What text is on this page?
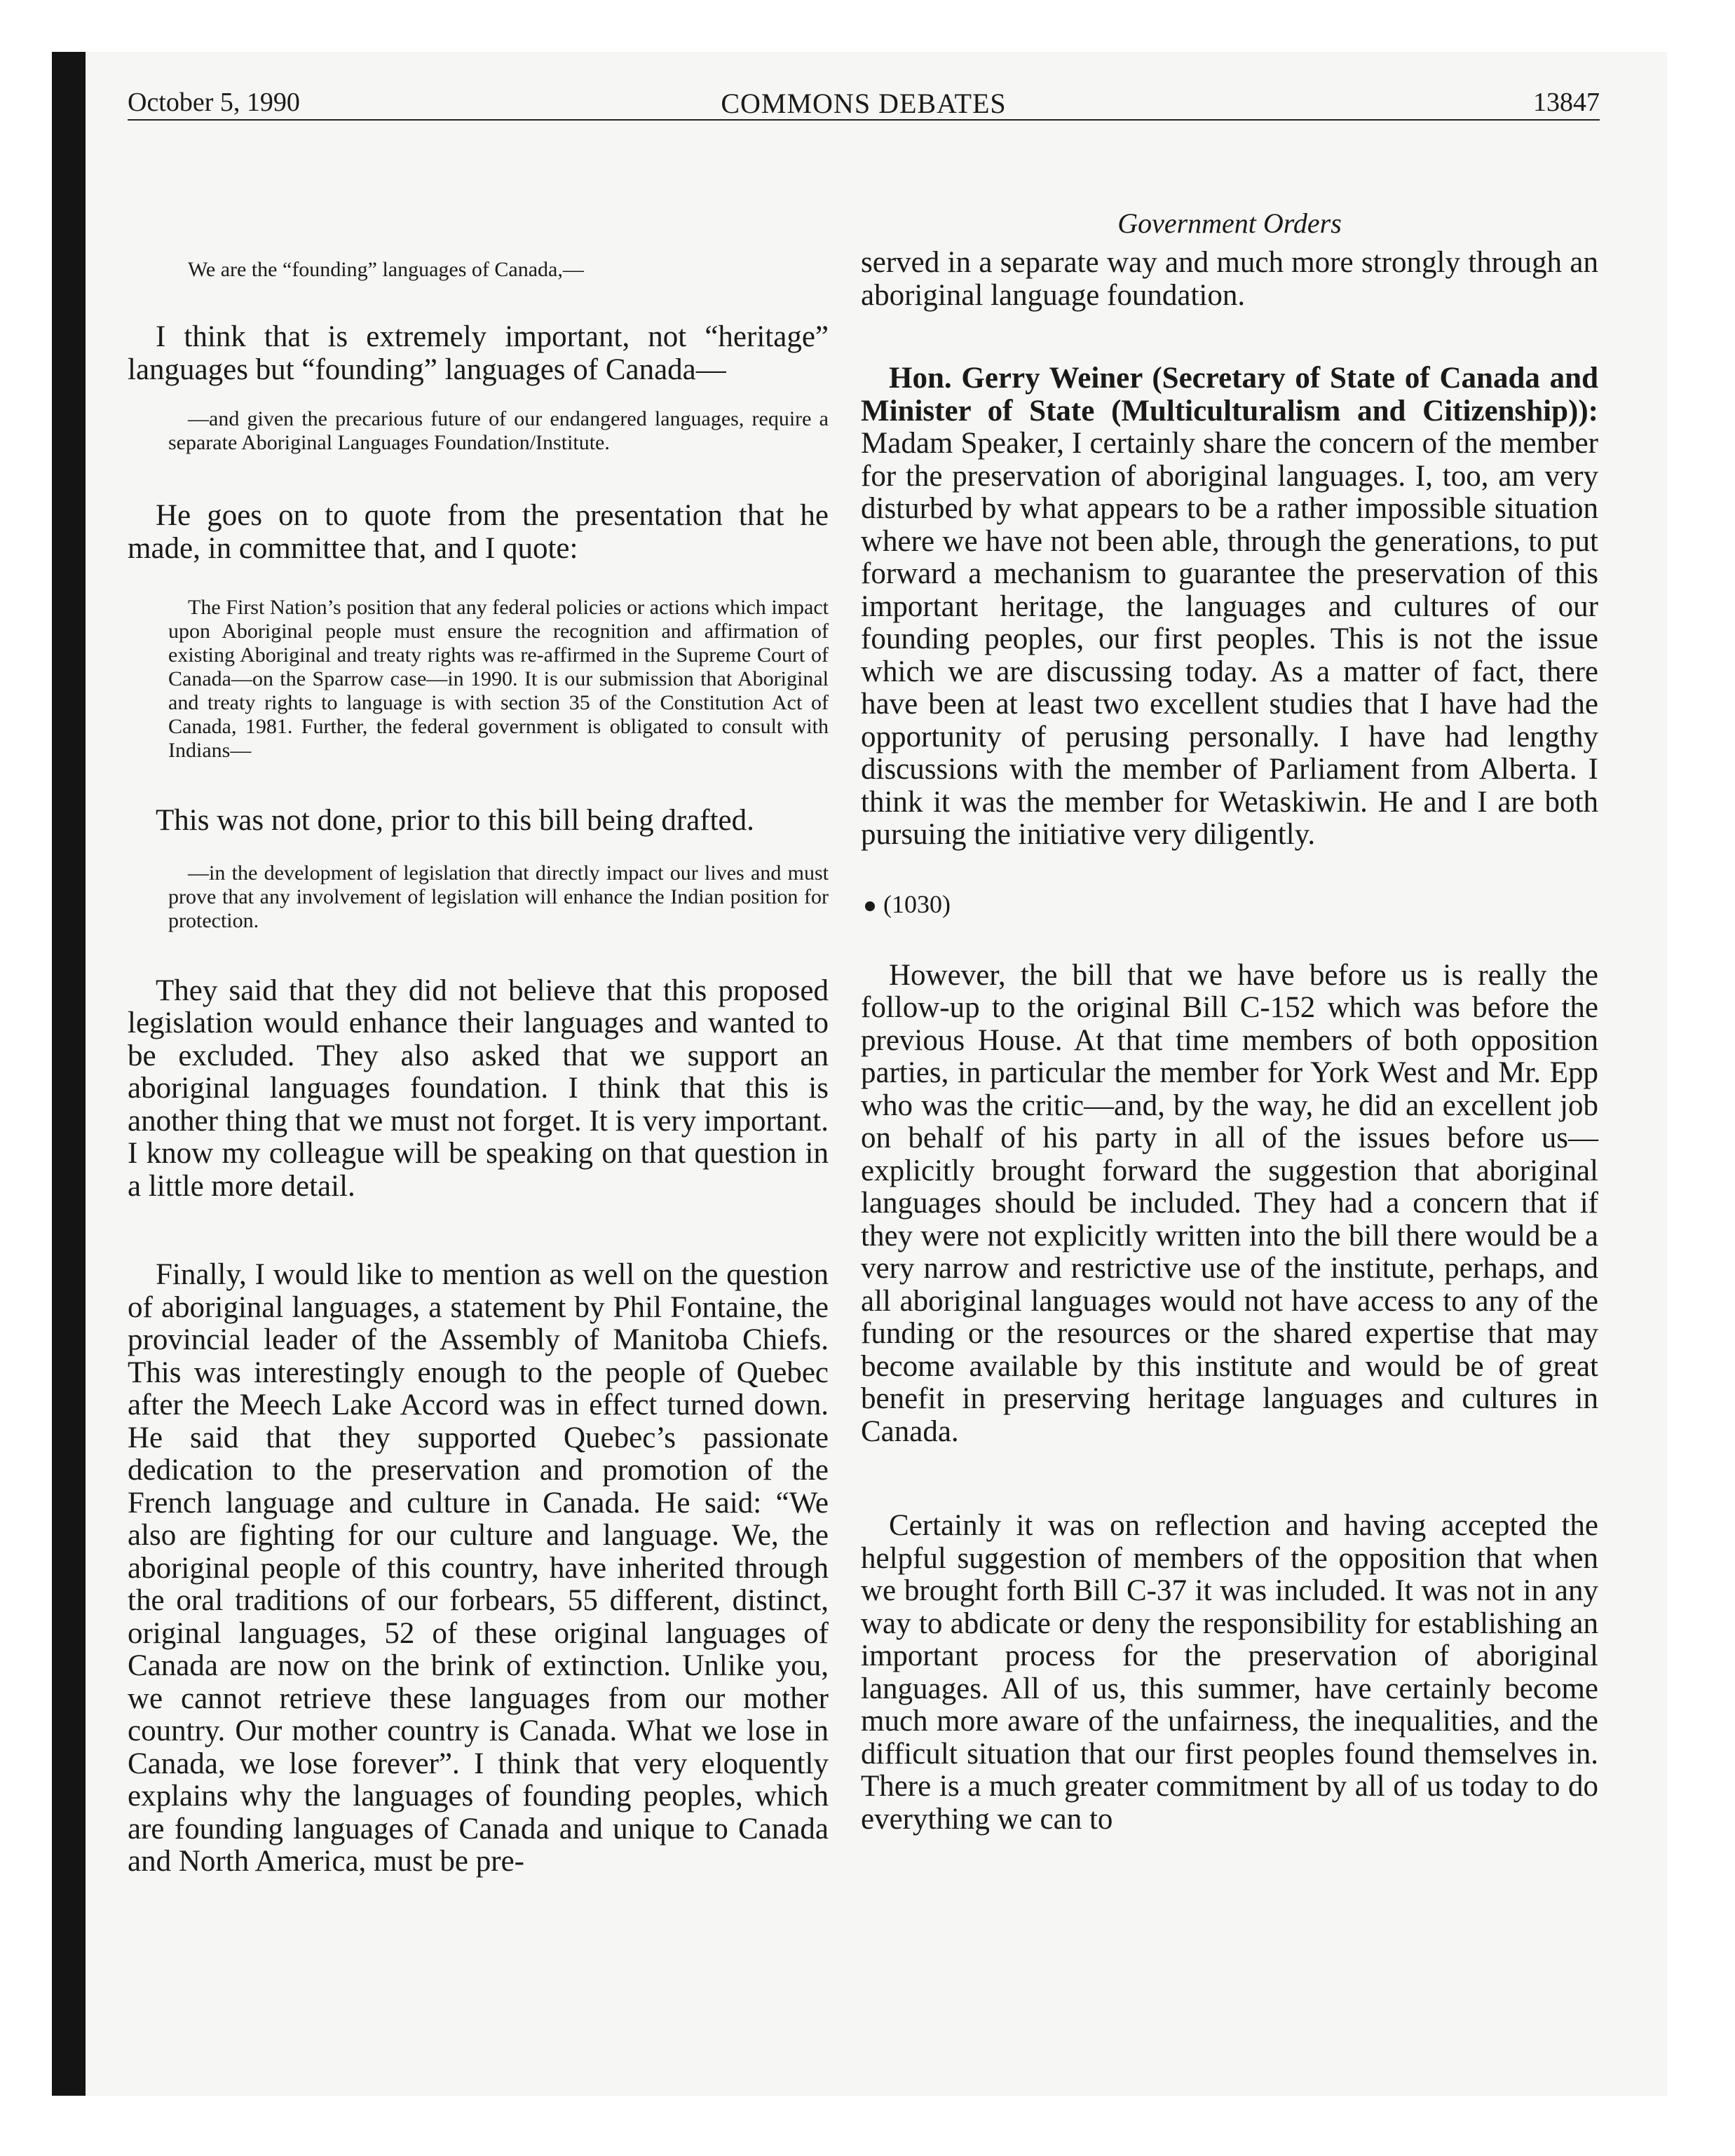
October 5, 1990	COMMONS DEBATES	13847

We are the “founding” languages of Canada,—

I think that is extremely important, not “heritage” languages but “founding” languages of Canada—

—and given the precarious future of our endangered languages, require a separate Aboriginal Languages Foundation/Institute.

He goes on to quote from the presentation that he made, in committee that, and I quote:

The First Nation’s position that any federal policies or actions which impact upon Aboriginal people must ensure the recognition and affirmation of existing Aboriginal and treaty rights was re-affirmed in the Supreme Court of Canada—on the Sparrow case—in 1990. It is our submission that Aboriginal and treaty rights to language is with section 35 of the Constitution Act of Canada, 1981. Further, the federal government is obligated to consult with Indians—

This was not done, prior to this bill being drafted.

—in the development of legislation that directly impact our lives and must prove that any involvement of legislation will enhance the Indian position for protection.

They said that they did not believe that this proposed legislation would enhance their languages and wanted to be excluded. They also asked that we support an aboriginal languages foundation. I think that this is another thing that we must not forget. It is very important. I know my colleague will be speaking on that question in a little more detail.

Finally, I would like to mention as well on the question of aboriginal languages, a statement by Phil Fontaine, the provincial leader of the Assembly of Manitoba Chiefs. This was interestingly enough to the people of Quebec after the Meech Lake Accord was in effect turned down. He said that they supported Quebec’s passionate dedication to the preservation and promotion of the French language and culture in Canada. He said: “We also are fighting for our culture and language. We, the aboriginal people of this country, have inherited through the oral traditions of our forbears, 55 different, distinct, original languages, 52 of these original languages of Canada are now on the brink of extinction. Unlike you, we cannot retrieve these languages from our mother country. Our mother country is Canada. What we lose in Canada, we lose forever”. I think that very eloquently explains why the languages of founding peoples, which are founding languages of Canada and unique to Canada and North America, must be pre-

Government Orders

served in a separate way and much more strongly through an aboriginal language foundation.

Hon. Gerry Weiner (Secretary of State of Canada and Minister of State (Multiculturalism and Citizenship)): Madam Speaker, I certainly share the concern of the member for the preservation of aboriginal languages. I, too, am very disturbed by what appears to be a rather impossible situation where we have not been able, through the generations, to put forward a mechanism to guarantee the preservation of this important heritage, the languages and cultures of our founding peoples, our first peoples. This is not the issue which we are discussing today. As a matter of fact, there have been at least two excellent studies that I have had the opportunity of perusing personally. I have had lengthy discussions with the member of Parliament from Alberta. I think it was the member for Wetaskiwin. He and I are both pursuing the initiative very diligently.

(1030)

However, the bill that we have before us is really the follow-up to the original Bill C-152 which was before the previous House. At that time members of both opposition parties, in particular the member for York West and Mr. Epp who was the critic—and, by the way, he did an excellent job on behalf of his party in all of the issues before us—explicitly brought forward the suggestion that aboriginal languages should be included. They had a concern that if they were not explicitly written into the bill there would be a very narrow and restrictive use of the institute, perhaps, and all aboriginal languages would not have access to any of the funding or the resources or the shared expertise that may become available by this institute and would be of great benefit in preserving heritage languages and cultures in Canada.

Certainly it was on reflection and having accepted the helpful suggestion of members of the opposition that when we brought forth Bill C-37 it was included. It was not in any way to abdicate or deny the responsibility for establishing an important process for the preservation of aboriginal languages. All of us, this summer, have certainly become much more aware of the unfairness, the inequalities, and the difficult situation that our first peoples found themselves in. There is a much greater commitment by all of us today to do everything we can to
